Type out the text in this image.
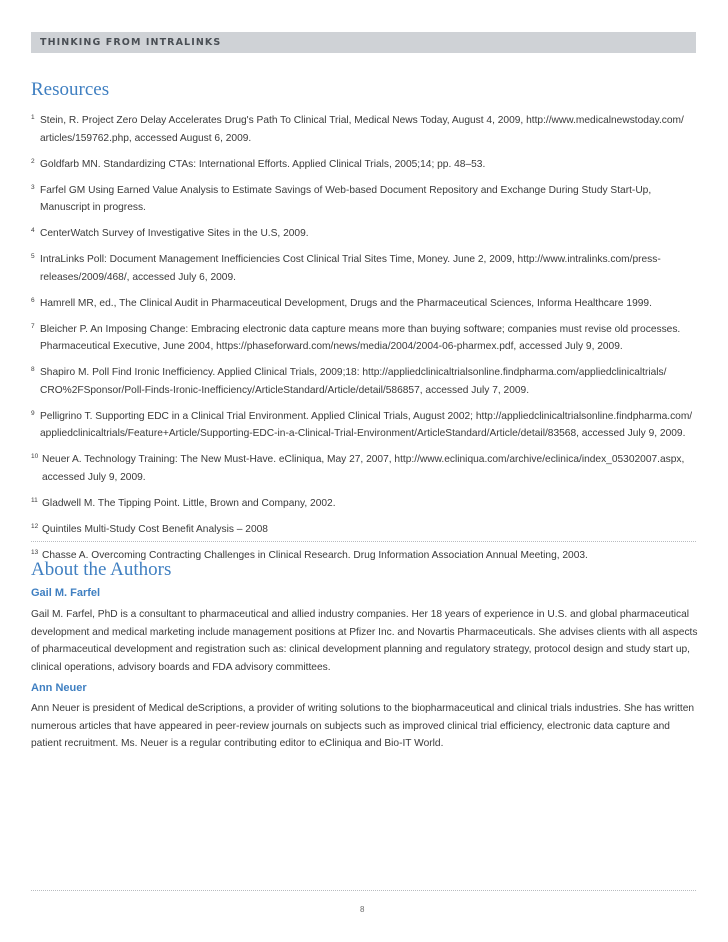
THINKING FROM INTRALINKS
Resources
1 Stein, R. Project Zero Delay Accelerates Drug's Path To Clinical Trial, Medical News Today, August 4, 2009, http://www.medicalnewstoday.com/ articles/159762.php, accessed August 6, 2009.
2 Goldfarb MN. Standardizing CTAs: International Efforts. Applied Clinical Trials, 2005;14; pp. 48–53.
3 Farfel GM Using Earned Value Analysis to Estimate Savings of Web-based Document Repository and Exchange During Study Start-Up, Manuscript in progress.
4 CenterWatch Survey of Investigative Sites in the U.S, 2009.
5 IntraLinks Poll: Document Management Inefficiencies Cost Clinical Trial Sites Time, Money. June 2, 2009, http://www.intralinks.com/press- releases/2009/468/, accessed July 6, 2009.
6 Hamrell MR, ed., The Clinical Audit in Pharmaceutical Development, Drugs and the Pharmaceutical Sciences, Informa Healthcare 1999.
7 Bleicher P. An Imposing Change: Embracing electronic data capture means more than buying software; companies must revise old processes. Pharmaceutical Executive, June 2004, https://phaseforward.com/news/media/2004/2004-06-pharmex.pdf, accessed July 9, 2009.
8 Shapiro M. Poll Find Ironic Inefficiency. Applied Clinical Trials, 2009;18: http://appliedclinicaltrialsonline.findpharma.com/appliedclinicaltrials/ CRO%2FSponsor/Poll-Finds-Ironic-Inefficiency/ArticleStandard/Article/detail/586857, accessed July 7, 2009.
9 Pelligrino T. Supporting EDC in a Clinical Trial Environment. Applied Clinical Trials, August 2002; http://appliedclinicaltrialsonline.findpharma.com/ appliedclinicaltrials/Feature+Article/Supporting-EDC-in-a-Clinical-Trial-Environment/ArticleStandard/Article/detail/83568, accessed July 9, 2009.
10 Neuer A. Technology Training: The New Must-Have. eCliniqua, May 27, 2007, http://www.ecliniqua.com/archive/eclinica/index_05302007.aspx, accessed July 9, 2009.
11 Gladwell M. The Tipping Point. Little, Brown and Company, 2002.
12 Quintiles Multi-Study Cost Benefit Analysis – 2008
13 Chasse A. Overcoming Contracting Challenges in Clinical Research. Drug Information Association Annual Meeting, 2003.
About the Authors
Gail M. Farfel
Gail M. Farfel, PhD is a consultant to pharmaceutical and allied industry companies. Her 18 years of experience in U.S. and global pharmaceutical development and medical marketing include management positions at Pfizer Inc. and Novartis Pharmaceuticals. She advises clients with all aspects of pharmaceutical development and registration such as: clinical development planning and regulatory strategy, protocol design and study start up, clinical operations, advisory boards and FDA advisory committees.
Ann Neuer
Ann Neuer is president of Medical deScriptions, a provider of writing solutions to the biopharmaceutical and clinical trials industries. She has written numerous articles that have appeared in peer-review journals on subjects such as improved clinical trial efficiency, electronic data capture and patient recruitment. Ms. Neuer is a regular contributing editor to eCliniqua and Bio-IT World.
8
